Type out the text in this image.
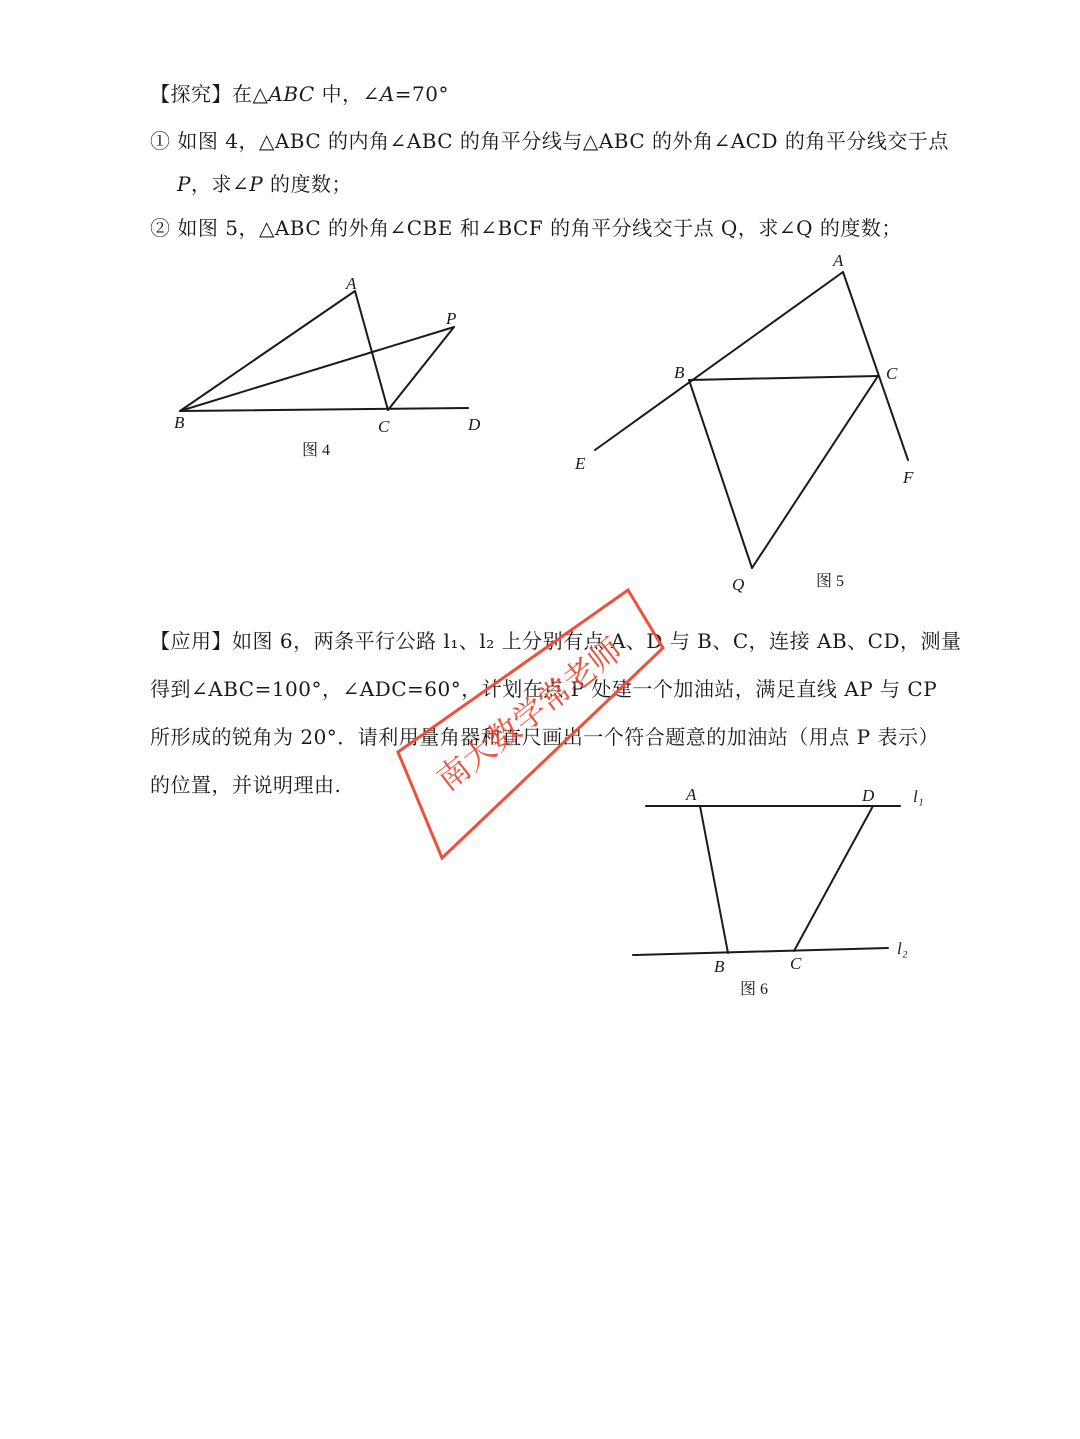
【探究】在△ABC 中，∠A=70°
① 如图 4，△ABC 的内角∠ABC 的角平分线与△ABC 的外角∠ACD 的角平分线交于点
P，求∠P 的度数；
② 如图 5，△ABC 的外角∠CBE 和∠BCF 的角平分线交于点 Q，求∠Q 的度数；
【应用】如图 6，两条平行公路 l₁、l₂ 上分别有点 A、D 与 B、C，连接 AB、CD，测量
得到∠ABC=100°，∠ADC=60°，计划在点 P 处建一个加油站，满足直线 AP 与 CP
所形成的锐角为 20°．请利用量角器和直尺画出一个符合题意的加油站（用点 P 表示）
的位置，并说明理由.
A
B	C	D
P
图 4
A
B	C
E
F
Q	图 5
A	D l₁
B	C
l₂
图 6
南大数学常老师
